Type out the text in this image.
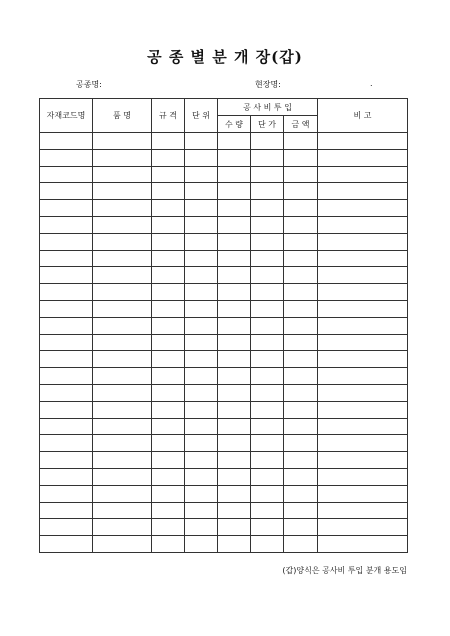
공 종 별 분 개 장(갑)
공종명:	현장명:	.
자재코드명	품 명	규 격	단 위	공 사 비 투 입			비 고
				수 량	단 가	금 액	

(갑)양식은 공사비 투입 분개 용도임
